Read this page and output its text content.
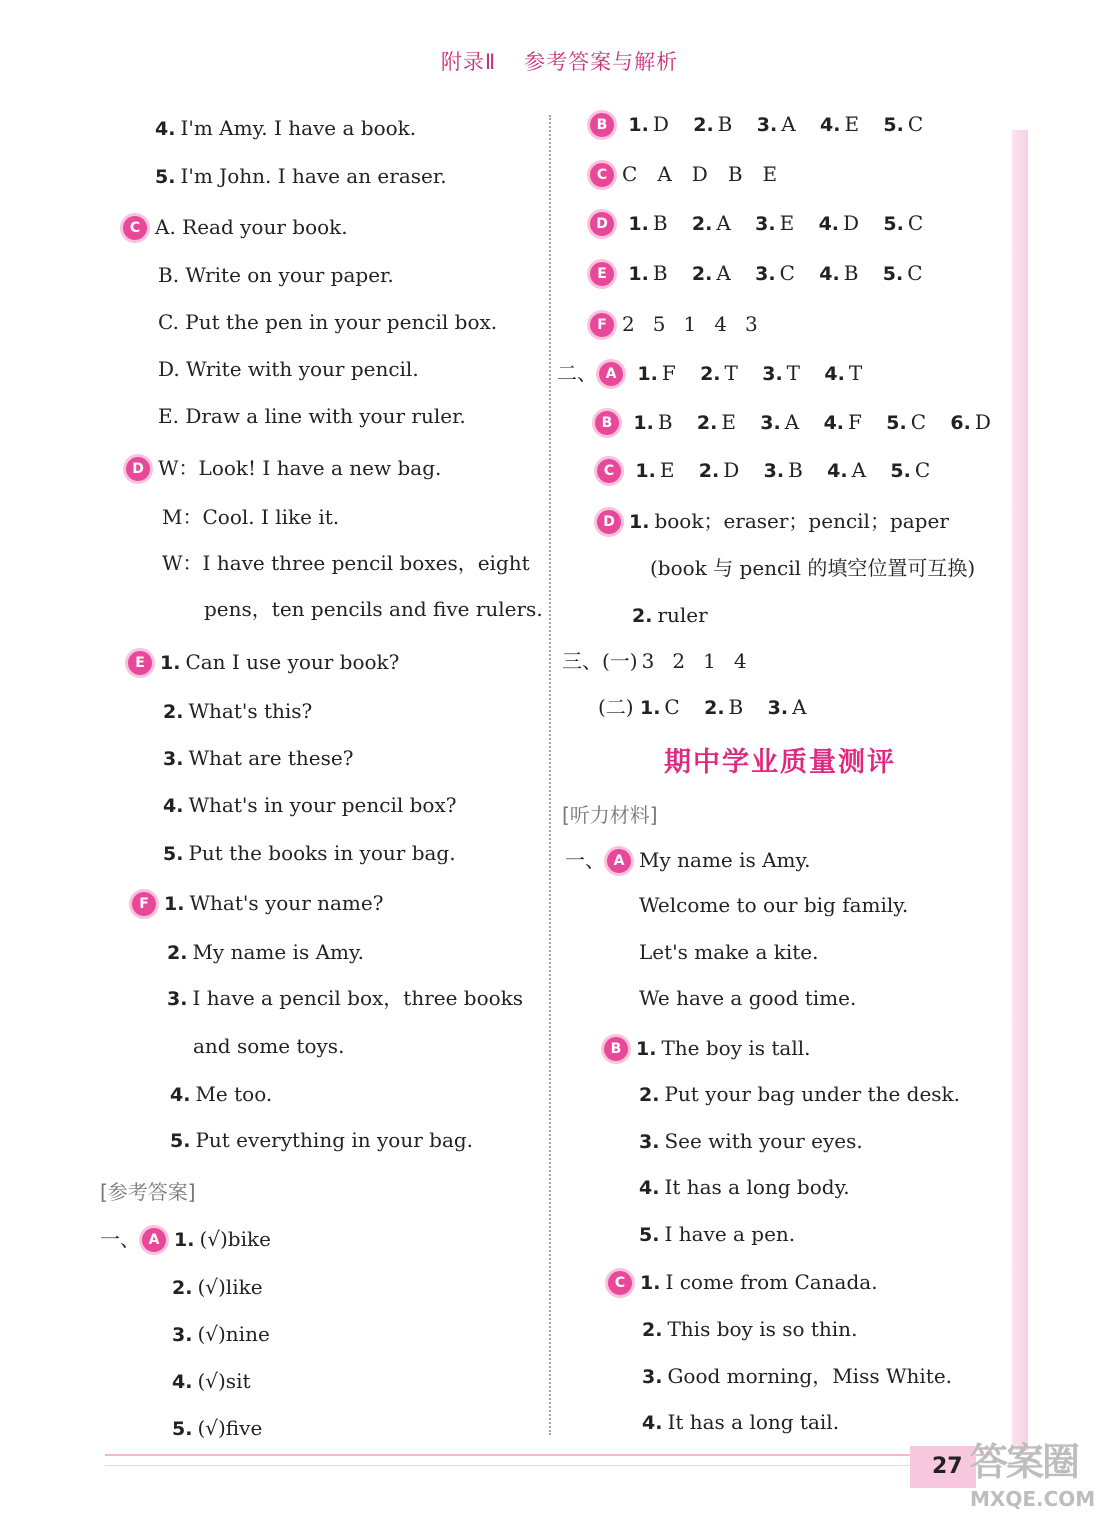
附录Ⅱ 参考答案与解析
4. I'm Amy. I have a book.
5. I'm John. I have an eraser.
C A. Read your book.
B. Write on your paper.
C. Put the pen in your pencil box.
D. Write with your pencil.
E. Draw a line with your ruler.
D W：Look! I have a new bag.
M：Cool. I like it.
W：I have three pencil boxes，eight
pens，ten pencils and five rulers.
E 1. Can I use your book?
2. What's this?
3. What are these?
4. What's in your pencil box?
5. Put the books in your bag.
F 1. What's your name?
2. My name is Amy.
3. I have a pencil box，three books
and some toys.
4. Me too.
5. Put everything in your bag.
[参考答案]
一、 A 1. (√)bike
2. (√)like
3. (√)nine
4. (√)sit
5. (√)five
B 1. D 2. B 3. A 4. E 5. C
C C A D B E
D 1. B 2. A 3. E 4. D 5. C
E 1. B 2. A 3. C 4. B 5. C
F 2 5 1 4 3
二、 A 1. F 2. T 3. T 4. T
B 1. B 2. E 3. A 4. F 5. C 6. D
C 1. E 2. D 3. B 4. A 5. C
D 1. book；eraser；pencil；paper
(book 与 pencil 的填空位置可互换)
2. ruler
三、(一) 3 2 1 4
(二) 1. C 2. B 3. A
期中学业质量测评
[听力材料]
一、 A My name is Amy.
Welcome to our big family.
Let's make a kite.
We have a good time.
B 1. The boy is tall.
2. Put your bag under the desk.
3. See with your eyes.
4. It has a long body.
5. I have a pen.
C 1. I come from Canada.
2. This boy is so thin.
3. Good morning，Miss White.
4. It has a long tail.
27 答案圈
MXQE.COM
